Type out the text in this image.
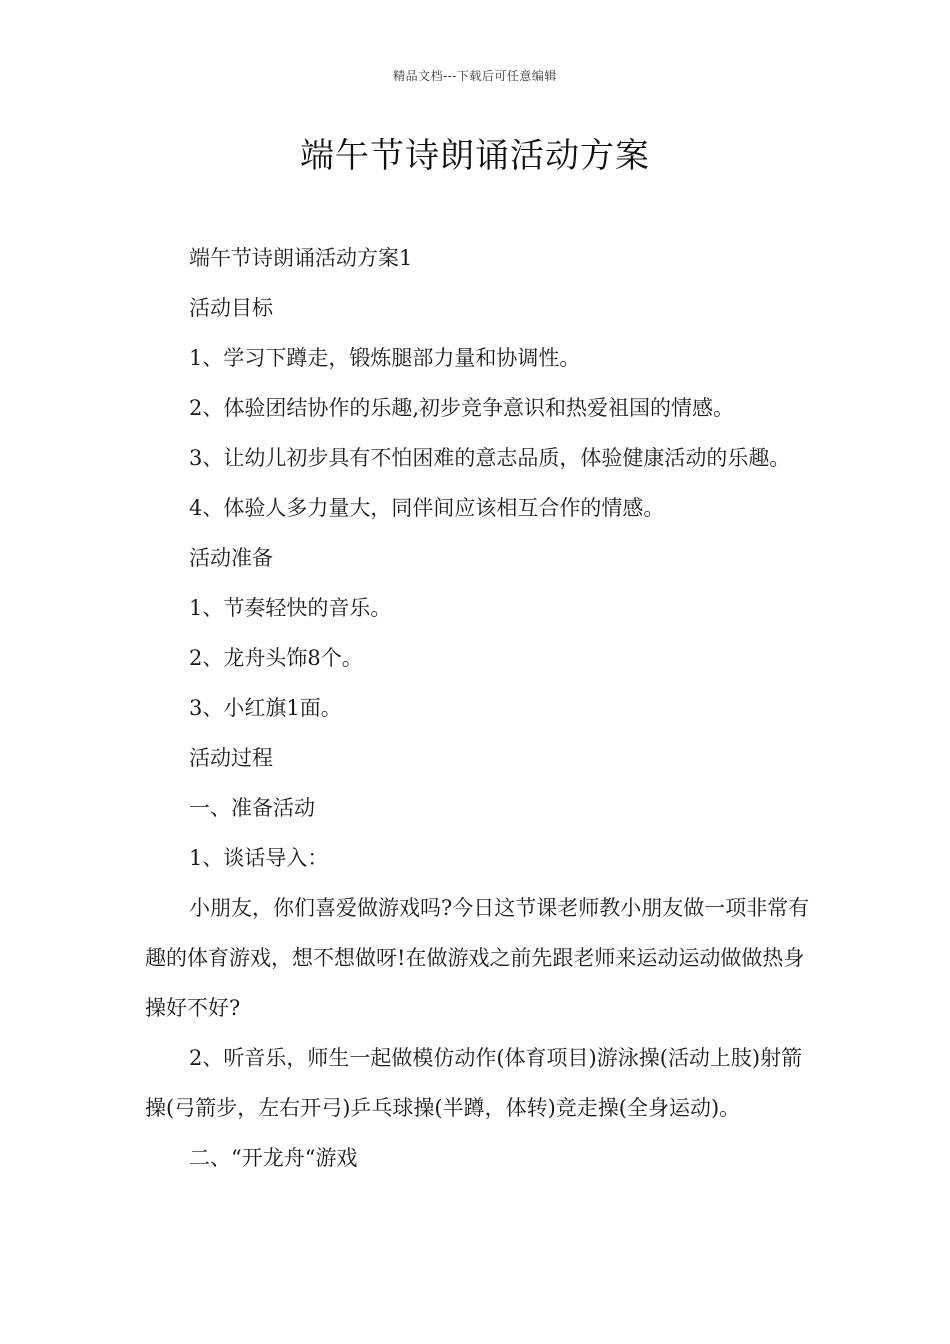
精品文档---下载后可任意编辑
端午节诗朗诵活动方案

端午节诗朗诵活动方案1

活动目标

1、学习下蹲走，锻炼腿部力量和协调性。

2、体验团结协作的乐趣,初步竞争意识和热爱祖国的情感。

3、让幼儿初步具有不怕困难的意志品质，体验健康活动的乐趣。

4、体验人多力量大，同伴间应该相互合作的情感。

活动准备

1、节奏轻快的音乐。

2、龙舟头饰8个。

3、小红旗1面。

活动过程

一、准备活动

1、谈话导入：

小朋友，你们喜爱做游戏吗?今日这节课老师教小朋友做一项非常有趣的体育游戏，想不想做呀!在做游戏之前先跟老师来运动运动做做热身操好不好?

2、听音乐，师生一起做模仿动作(体育项目)游泳操(活动上肢)射箭操(弓箭步，左右开弓)乒乓球操(半蹲，体转)竞走操(全身运动)。

二、“开龙舟“游戏
